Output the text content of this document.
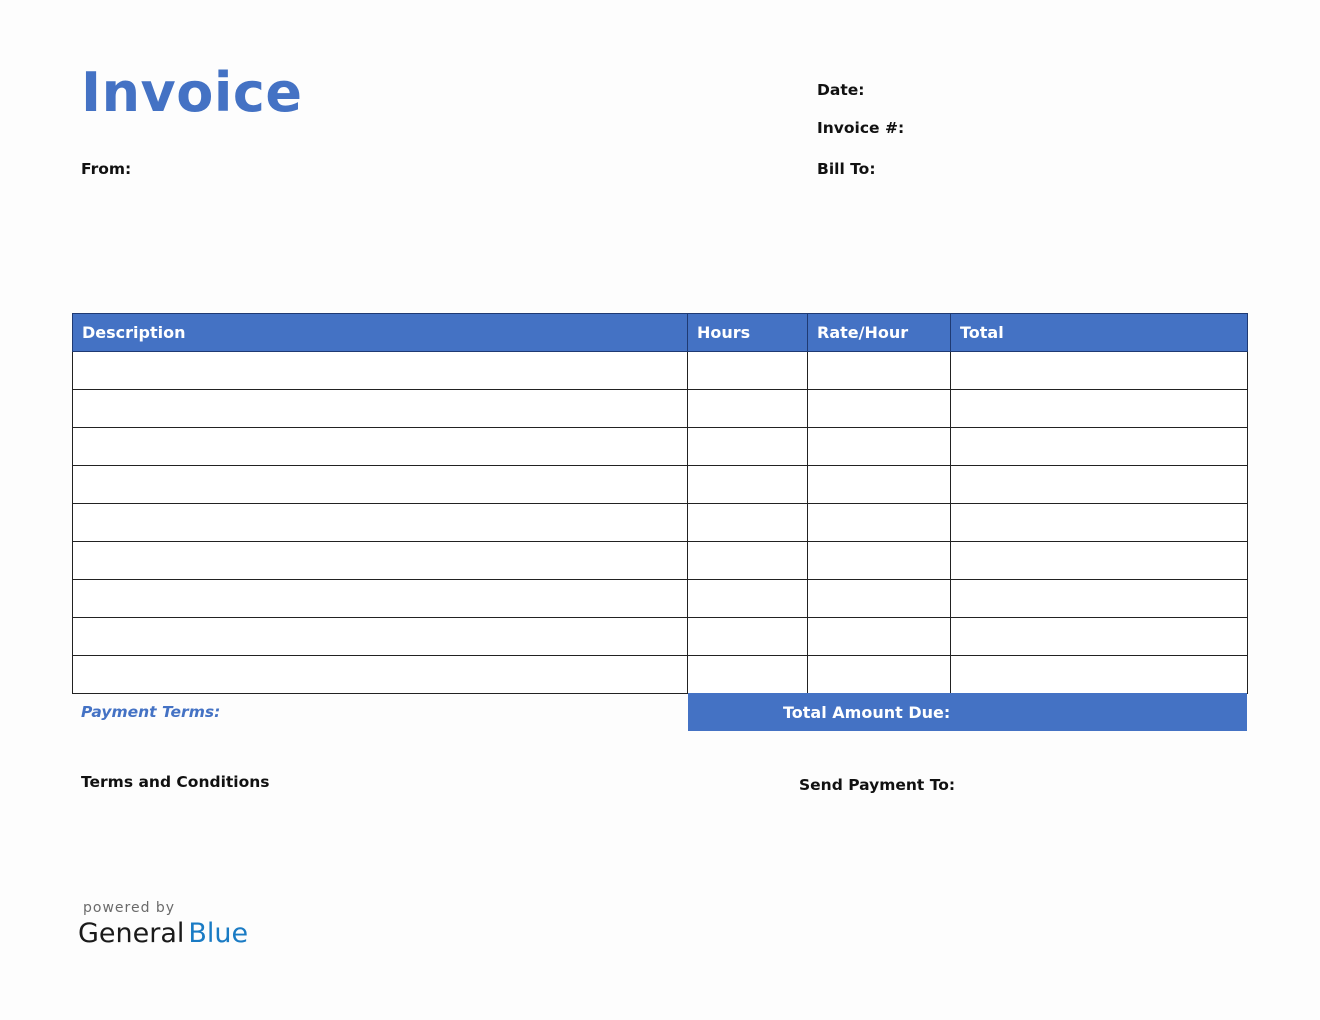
Invoice
From:
Date:
Invoice #:
Bill To:
Description	Hours	Rate/Hour	Total

Payment Terms:	Total Amount Due:
Terms and Conditions	Send Payment To:
powered by
General Blue
